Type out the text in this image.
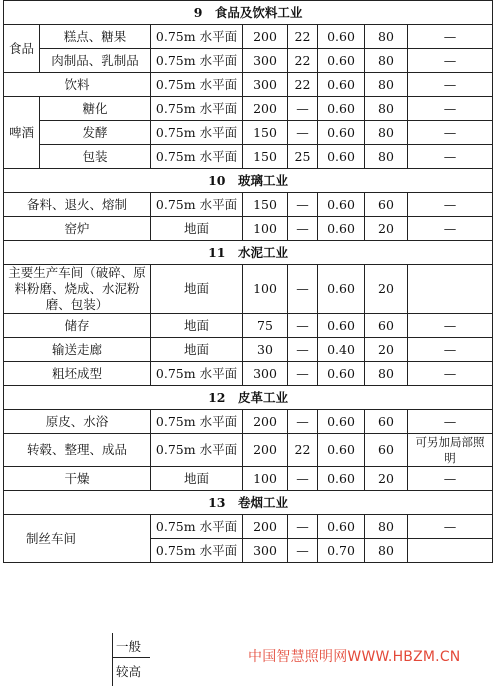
9　食品及饮料工业							
食品	糕点、糖果	0.75m 水平面	200	22	0.60	80	—
	肉制品、乳制品	0.75m 水平面	300	22	0.60	80	—
饮料		0.75m 水平面	300	22	0.60	80	—
啤酒	糖化	0.75m 水平面	200	—	0.60	80	—
	发酵	0.75m 水平面	150	—	0.60	80	—
	包装	0.75m 水平面	150	25	0.60	80	—
10　玻璃工业							
备料、退火、熔制		0.75m 水平面	150	—	0.60	60	—
窑炉		地面	100	—	0.60	20	—
11　水泥工业							
主要生产车间（破碎、原料粉磨、烧成、水泥粉磨、包装）		地面	100	—	0.60	20	
储存		地面	75	—	0.60	60	—
输送走廊		地面	30	—	0.40	20	—
粗坯成型		0.75m 水平面	300	—	0.60	80	—
12　皮革工业							
原皮、水浴		0.75m 水平面	200	—	0.60	60	—
转毂、整理、成品		0.75m 水平面	200	22	0.60	60	可另加局部照明
干燥		地面	100	—	0.60	20	—
13　卷烟工业							
制丝车间		0.75m 水平面	200	—	0.60	80	—
		0.75m 水平面	300	—	0.70	80	
一般
较高
中国智慧照明网WWW.HBZM.CN
